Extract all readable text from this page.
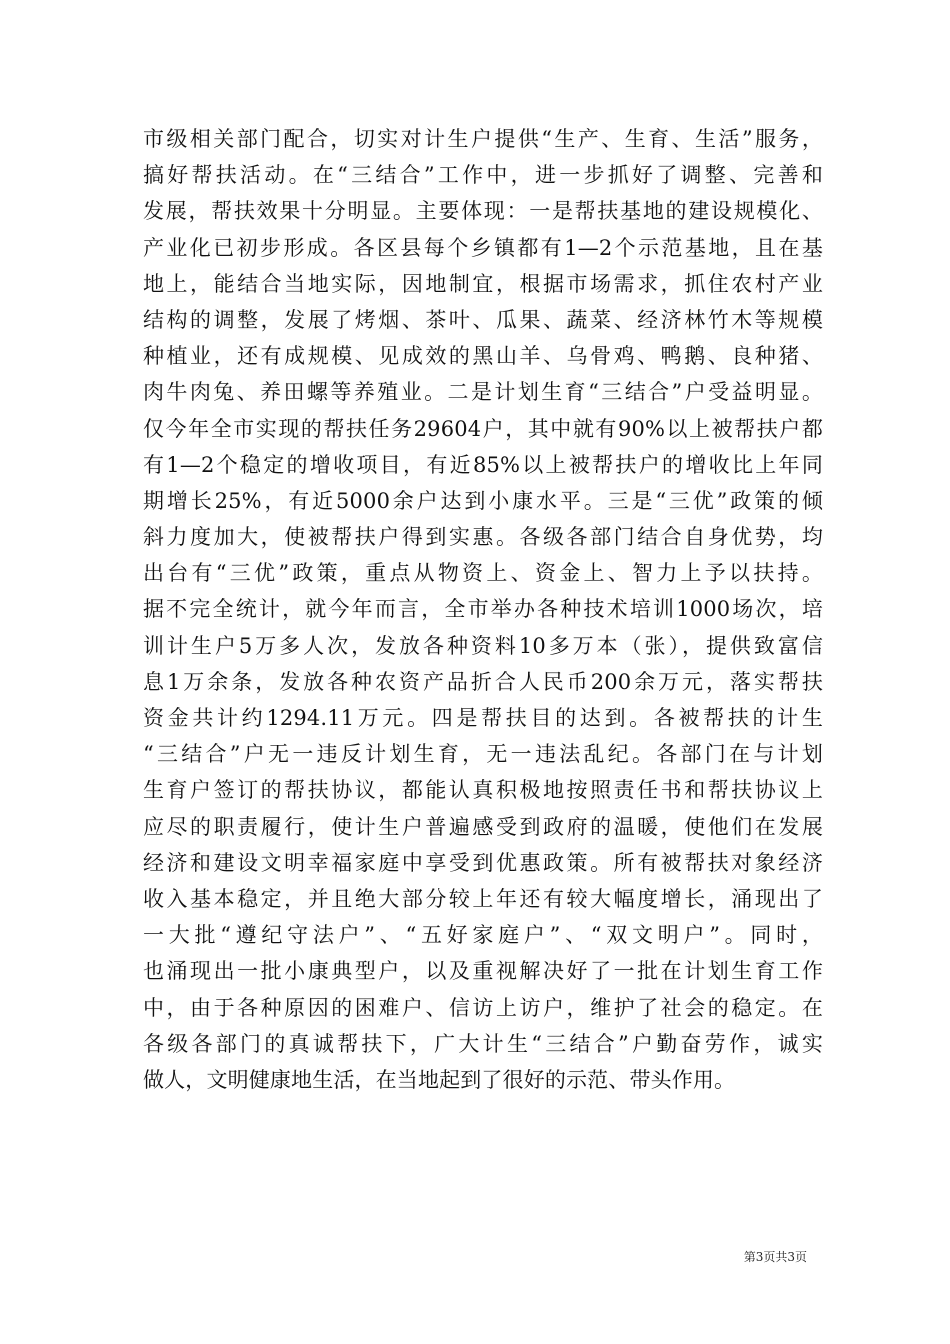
市级相关部门配合，切实对计生户提供“生产、生育、生活”服务，
搞好帮扶活动。在“三结合”工作中，进一步抓好了调整、完善和
发展，帮扶效果十分明显。主要体现：一是帮扶基地的建设规模化、
产业化已初步形成。各区县每个乡镇都有1—2个示范基地，且在基
地上，能结合当地实际，因地制宜，根据市场需求，抓住农村产业
结构的调整，发展了烤烟、茶叶、瓜果、蔬菜、经济林竹木等规模
种植业，还有成规模、见成效的黑山羊、乌骨鸡、鸭鹅、良种猪、
肉牛肉兔、养田螺等养殖业。二是计划生育“三结合”户受益明显。
仅今年全市实现的帮扶任务29604户，其中就有90%以上被帮扶户都
有1—2个稳定的增收项目，有近85%以上被帮扶户的增收比上年同
期增长25%，有近5000余户达到小康水平。三是“三优”政策的倾
斜力度加大，使被帮扶户得到实惠。各级各部门结合自身优势，均
出台有“三优”政策，重点从物资上、资金上、智力上予以扶持。
据不完全统计，就今年而言，全市举办各种技术培训1000场次，培
训计生户5万多人次，发放各种资料10多万本（张），提供致富信
息1万余条，发放各种农资产品折合人民币200余万元，落实帮扶
资金共计约1294.11万元。四是帮扶目的达到。各被帮扶的计生
“三结合”户无一违反计划生育，无一违法乱纪。各部门在与计划
生育户签订的帮扶协议，都能认真积极地按照责任书和帮扶协议上
应尽的职责履行，使计生户普遍感受到政府的温暖，使他们在发展
经济和建设文明幸福家庭中享受到优惠政策。所有被帮扶对象经济
收入基本稳定，并且绝大部分较上年还有较大幅度增长，涌现出了
一大批“遵纪守法户”、“五好家庭户”、“双文明户”。同时，
也涌现出一批小康典型户，以及重视解决好了一批在计划生育工作
中，由于各种原因的困难户、信访上访户，维护了社会的稳定。在
各级各部门的真诚帮扶下，广大计生“三结合”户勤奋劳作，诚实
做人，文明健康地生活，在当地起到了很好的示范、带头作用。
第3页共3页
